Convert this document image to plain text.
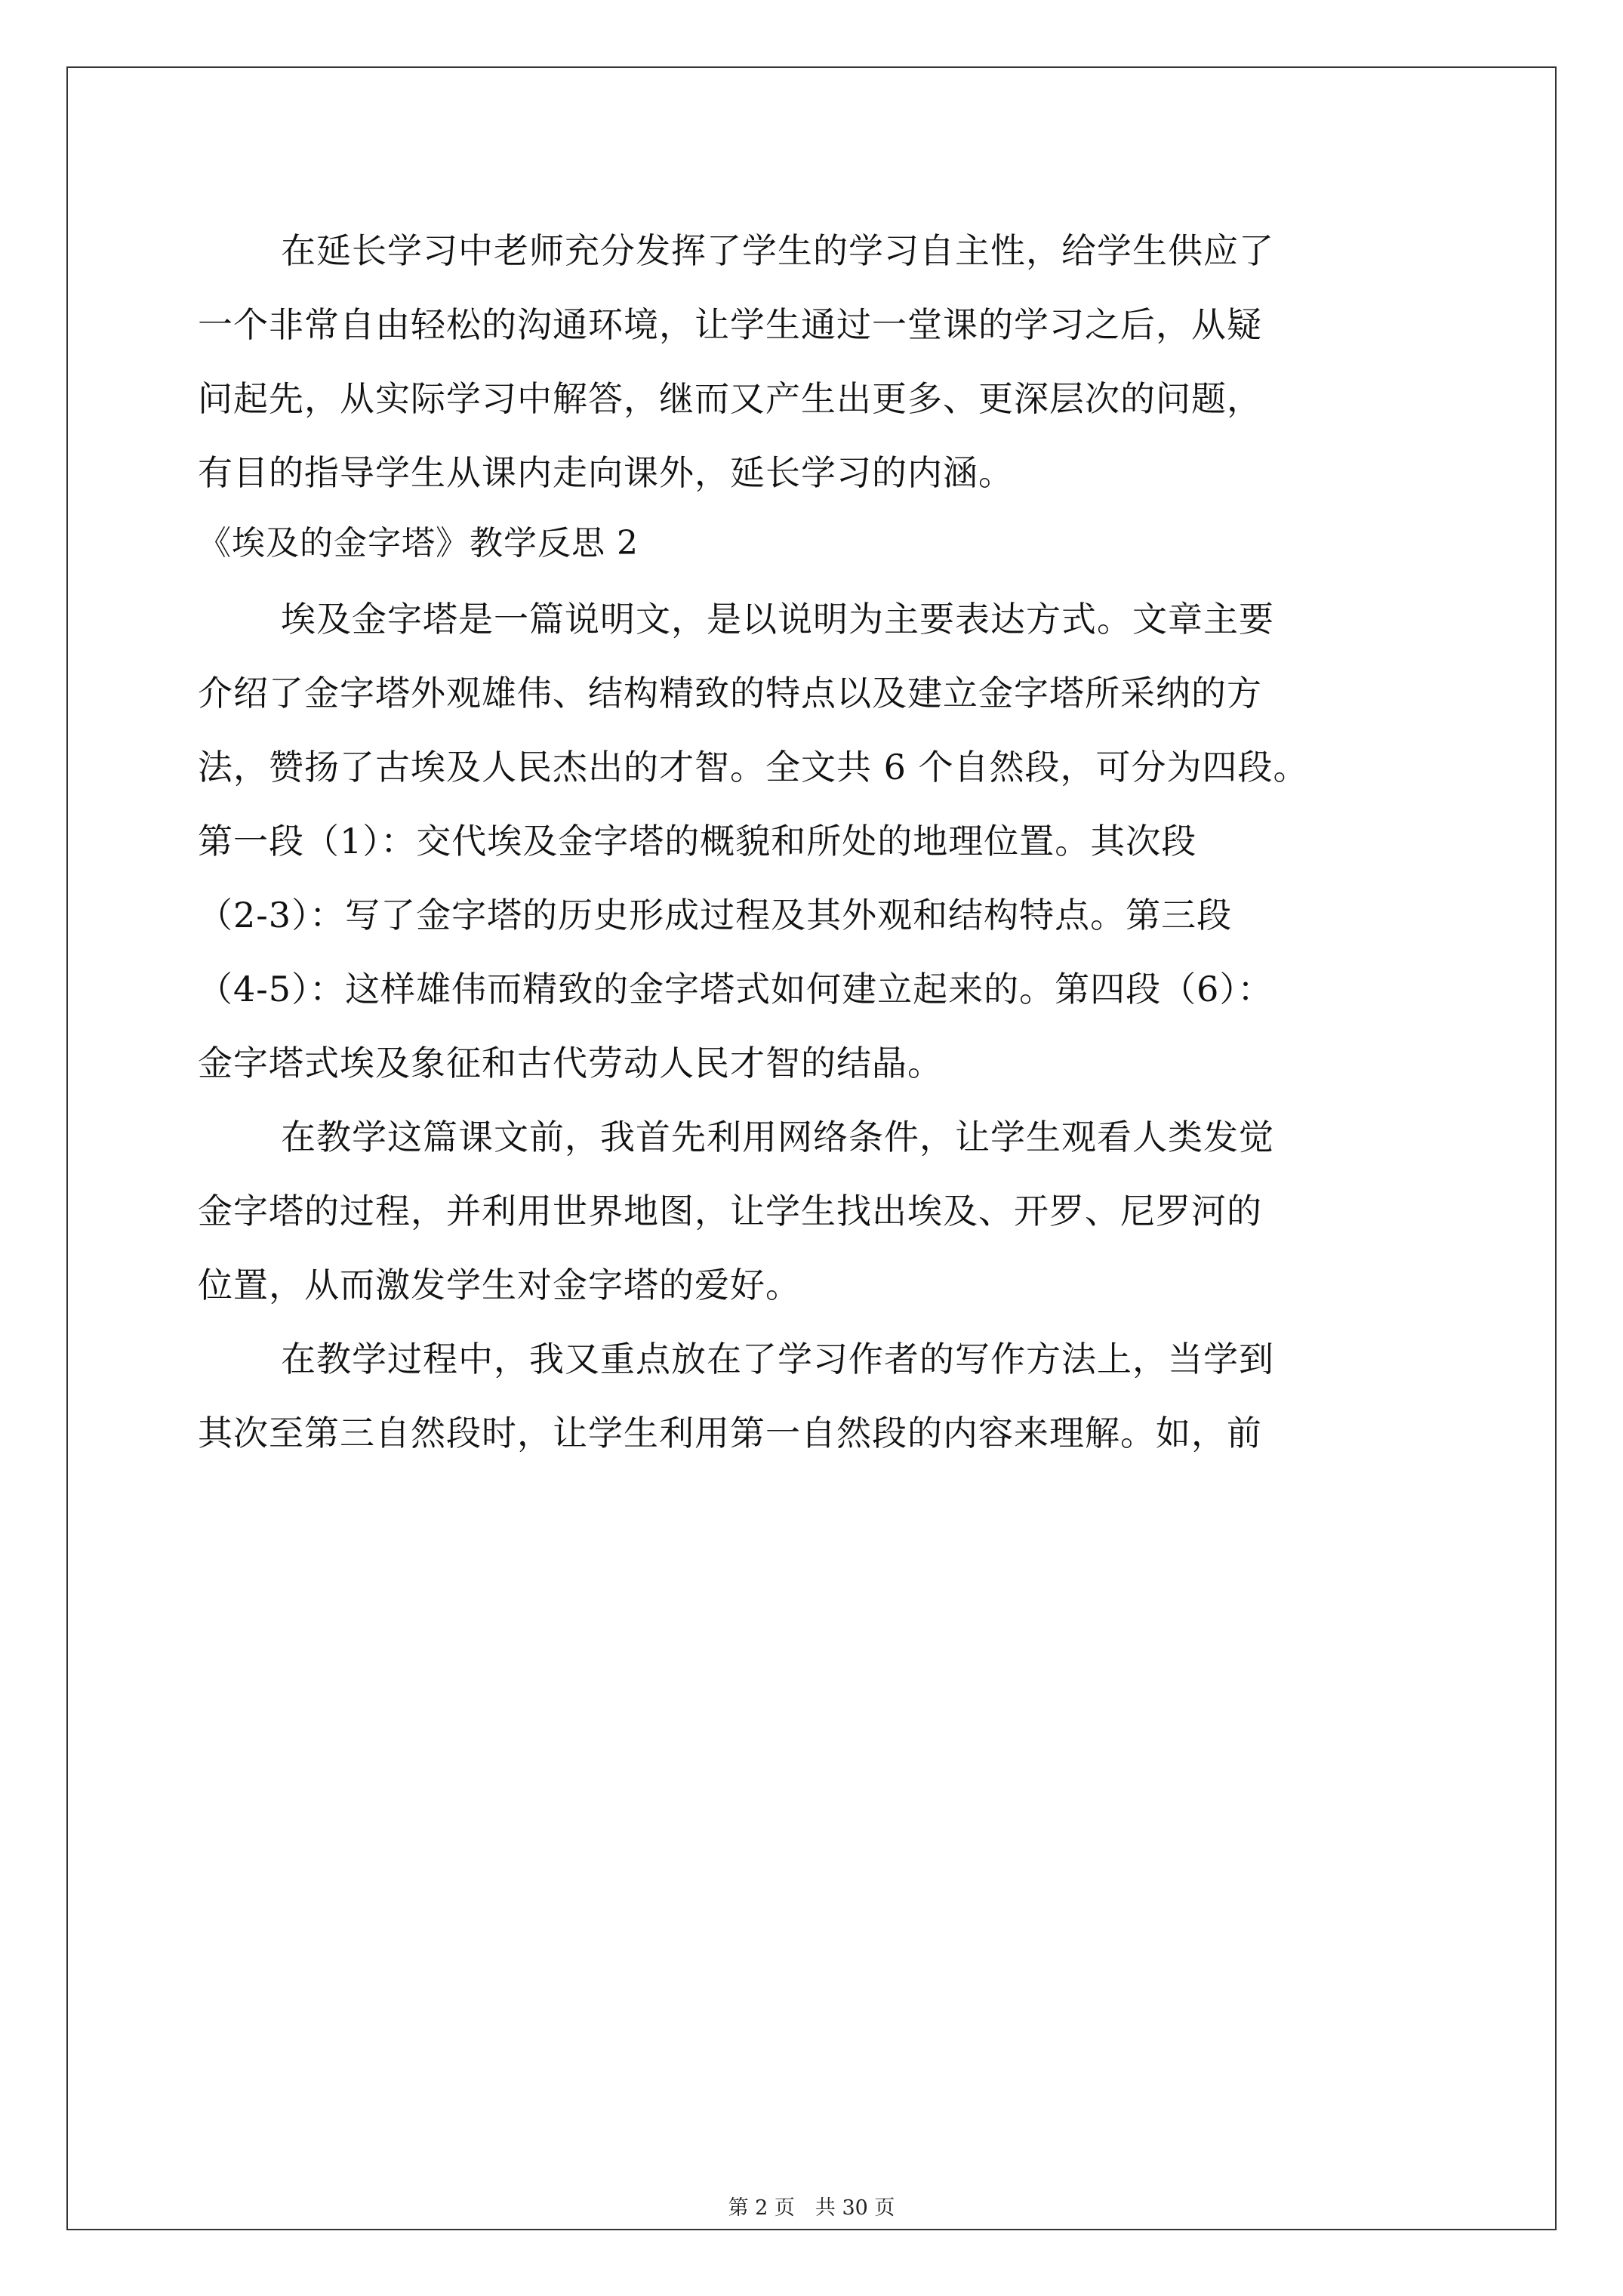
在延长学习中老师充分发挥了学生的学习自主性，给学生供应了
一个非常自由轻松的沟通环境，让学生通过一堂课的学习之后，从疑
问起先，从实际学习中解答，继而又产生出更多、更深层次的问题，
有目的指导学生从课内走向课外，延长学习的内涵。
《埃及的金字塔》教学反思 2
埃及金字塔是一篇说明文，是以说明为主要表达方式。文章主要
介绍了金字塔外观雄伟、结构精致的特点以及建立金字塔所采纳的方
法，赞扬了古埃及人民杰出的才智。全文共 6 个自然段，可分为四段。
第一段（1）：交代埃及金字塔的概貌和所处的地理位置。其次段
（2-3）：写了金字塔的历史形成过程及其外观和结构特点。第三段
（4-5）：这样雄伟而精致的金字塔式如何建立起来的。第四段（6）：
金字塔式埃及象征和古代劳动人民才智的结晶。
在教学这篇课文前，我首先利用网络条件，让学生观看人类发觉
金字塔的过程，并利用世界地图，让学生找出埃及、开罗、尼罗河的
位置，从而激发学生对金字塔的爱好。
在教学过程中，我又重点放在了学习作者的写作方法上，当学到
其次至第三自然段时，让学生利用第一自然段的内容来理解。如，前
第 2 页　共 30 页
